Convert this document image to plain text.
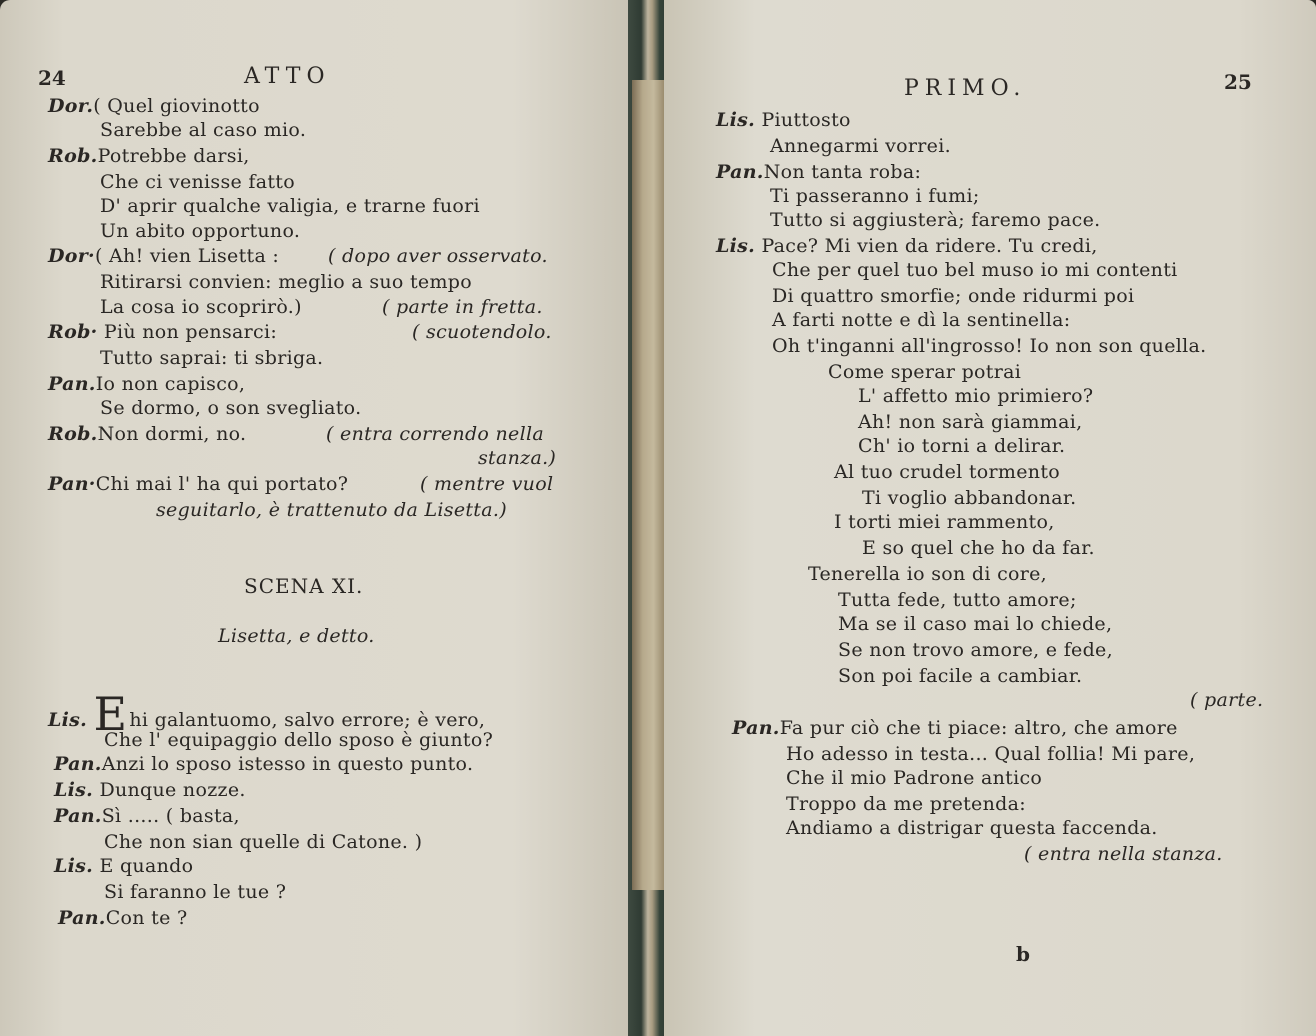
24	ATTO
Dor.( Quel giovinotto
Sarebbe al caso mio.
Rob.Potrebbe darsi,
Che ci venisse fatto
D' aprir qualche valigia, e trarne fuori
Un abito opportuno.
Dor·( Ah! vien Lisetta :	( dopo aver osservato.
Ritirarsi convien: meglio a suo tempo
La cosa io scoprirò.)	( parte in fretta.
Rob· Più non pensarci:	( scuotendolo.
Tutto saprai: ti sbriga.
Pan.Io non capisco,
Se dormo, o son svegliato.
Rob.Non dormi, no.	( entra correndo nella
stanza.)
Pan·Chi mai l' ha qui portato?	( mentre vuol
seguitarlo, è trattenuto da Lisetta.)
SCENA XI.
Lisetta, e detto.
Lis. E hi galantuomo, salvo errore; è vero,
Che l' equipaggio dello sposo è giunto?
Pan.Anzi lo sposo istesso in questo punto.
Lis. Dunque nozze.
Pan.Sì ..... ( basta,
Che non sian quelle di Catone. )
Lis. E quando
Si faranno le tue ?
Pan.Con te ?
PRIMO.	25
Lis. Piuttosto
Annegarmi vorrei.
Pan.Non tanta roba:
Ti passeranno i fumi;
Tutto si aggiusterà; faremo pace.
Lis. Pace? Mi vien da ridere. Tu credi,
Che per quel tuo bel muso io mi contenti
Di quattro smorfie; onde ridurmi poi
A farti notte e dì la sentinella:
Oh t'inganni all'ingrosso! Io non son quella.
Come sperar potrai
L' affetto mio primiero?
Ah! non sarà giammai,
Ch' io torni a delirar.
Al tuo crudel tormento
Ti voglio abbandonar.
I torti miei rammento,
E so quel che ho da far.
Tenerella io son di core,
Tutta fede, tutto amore;
Ma se il caso mai lo chiede,
Se non trovo amore, e fede,
Son poi facile a cambiar.
( parte.
Pan.Fa pur ciò che ti piace: altro, che amore
Ho adesso in testa... Qual follia! Mi pare,
Che il mio Padrone antico
Troppo da me pretenda:
Andiamo a distrigar questa faccenda.
( entra nella stanza.
b
